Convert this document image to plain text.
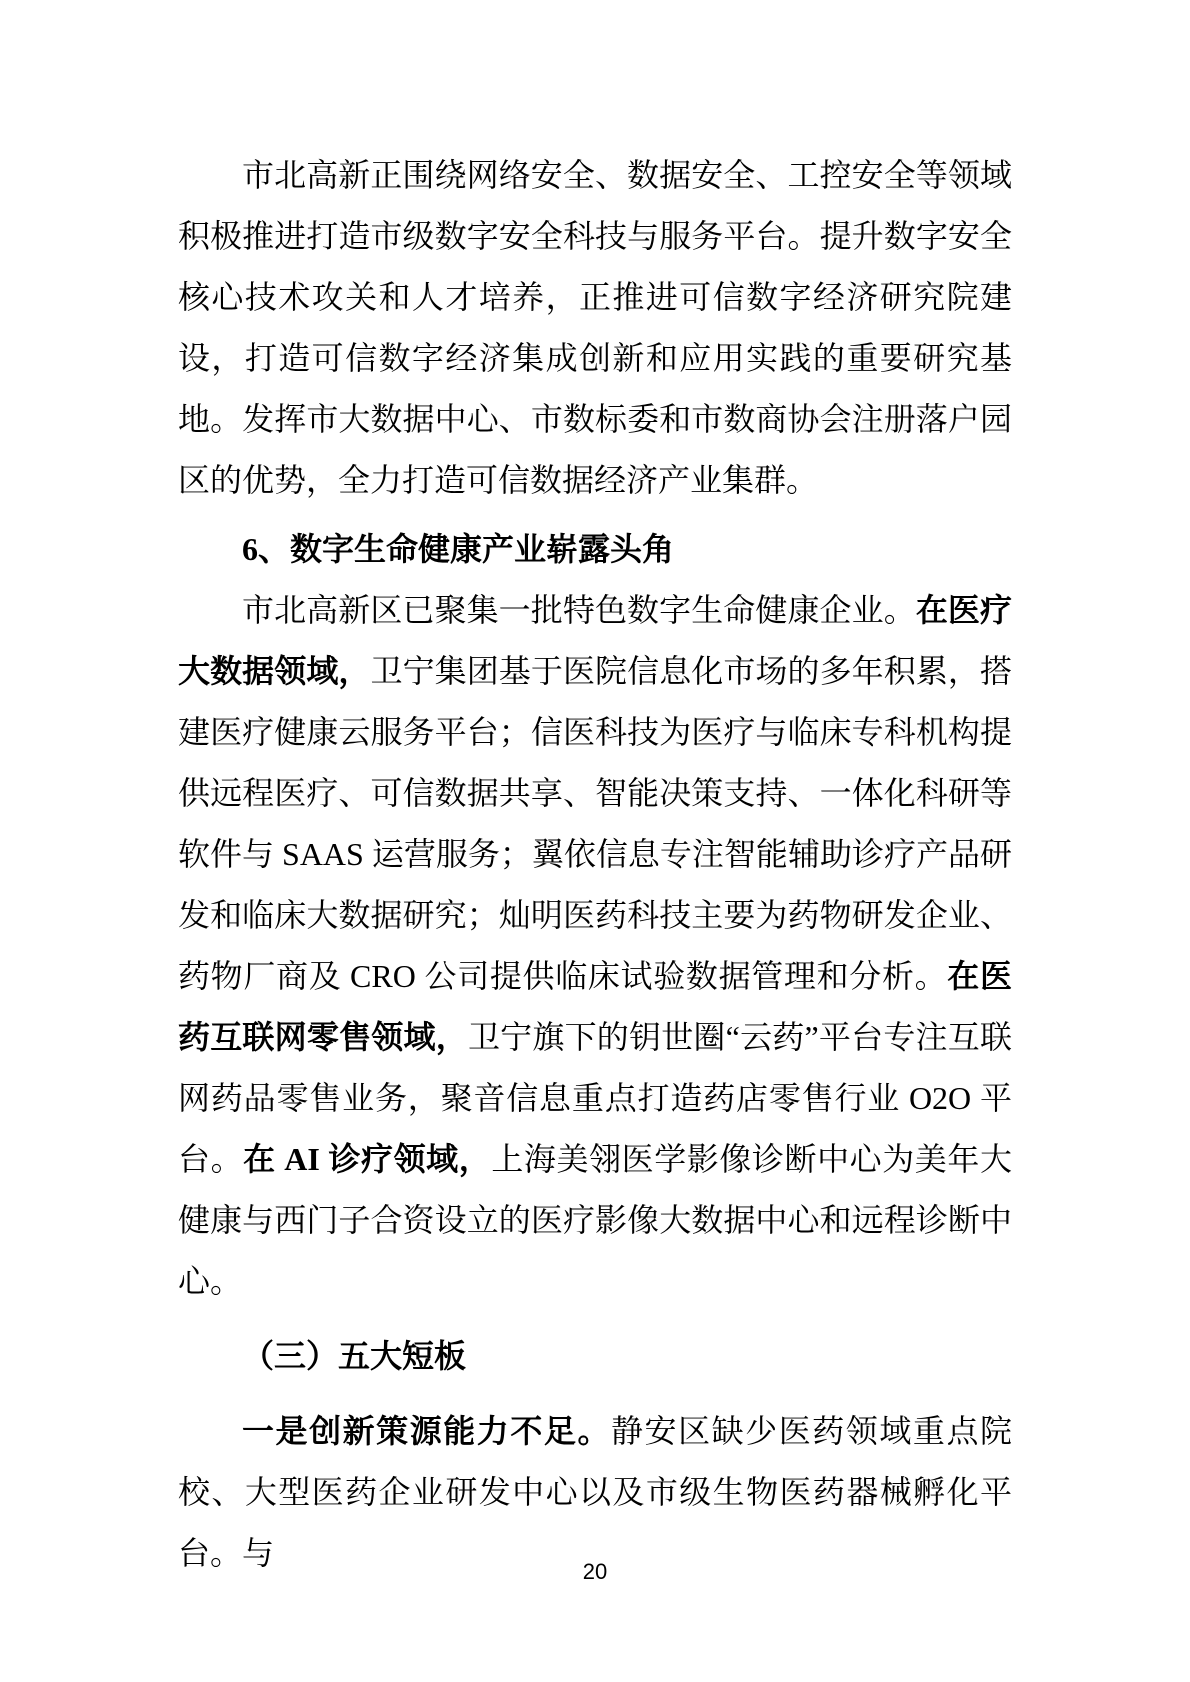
市北高新正围绕网络安全、数据安全、工控安全等领域积极推进打造市级数字安全科技与服务平台。提升数字安全核心技术攻关和人才培养，正推进可信数字经济研究院建设，打造可信数字经济集成创新和应用实践的重要研究基地。发挥市大数据中心、市数标委和市数商协会注册落户园区的优势，全力打造可信数据经济产业集群。

6、数字生命健康产业崭露头角

市北高新区已聚集一批特色数字生命健康企业。在医疗大数据领域，卫宁集团基于医院信息化市场的多年积累，搭建医疗健康云服务平台；信医科技为医疗与临床专科机构提供远程医疗、可信数据共享、智能决策支持、一体化科研等软件与 SAAS 运营服务；翼依信息专注智能辅助诊疗产品研发和临床大数据研究；灿明医药科技主要为药物研发企业、药物厂商及 CRO 公司提供临床试验数据管理和分析。在医药互联网零售领域，卫宁旗下的钥世圈“云药”平台专注互联网药品零售业务，聚音信息重点打造药店零售行业 O2O 平台。在 AI 诊疗领域，上海美翎医学影像诊断中心为美年大健康与西门子合资设立的医疗影像大数据中心和远程诊断中心。

（三）五大短板

一是创新策源能力不足。静安区缺少医药领域重点院校、大型医药企业研发中心以及市级生物医药器械孵化平台。与

20
